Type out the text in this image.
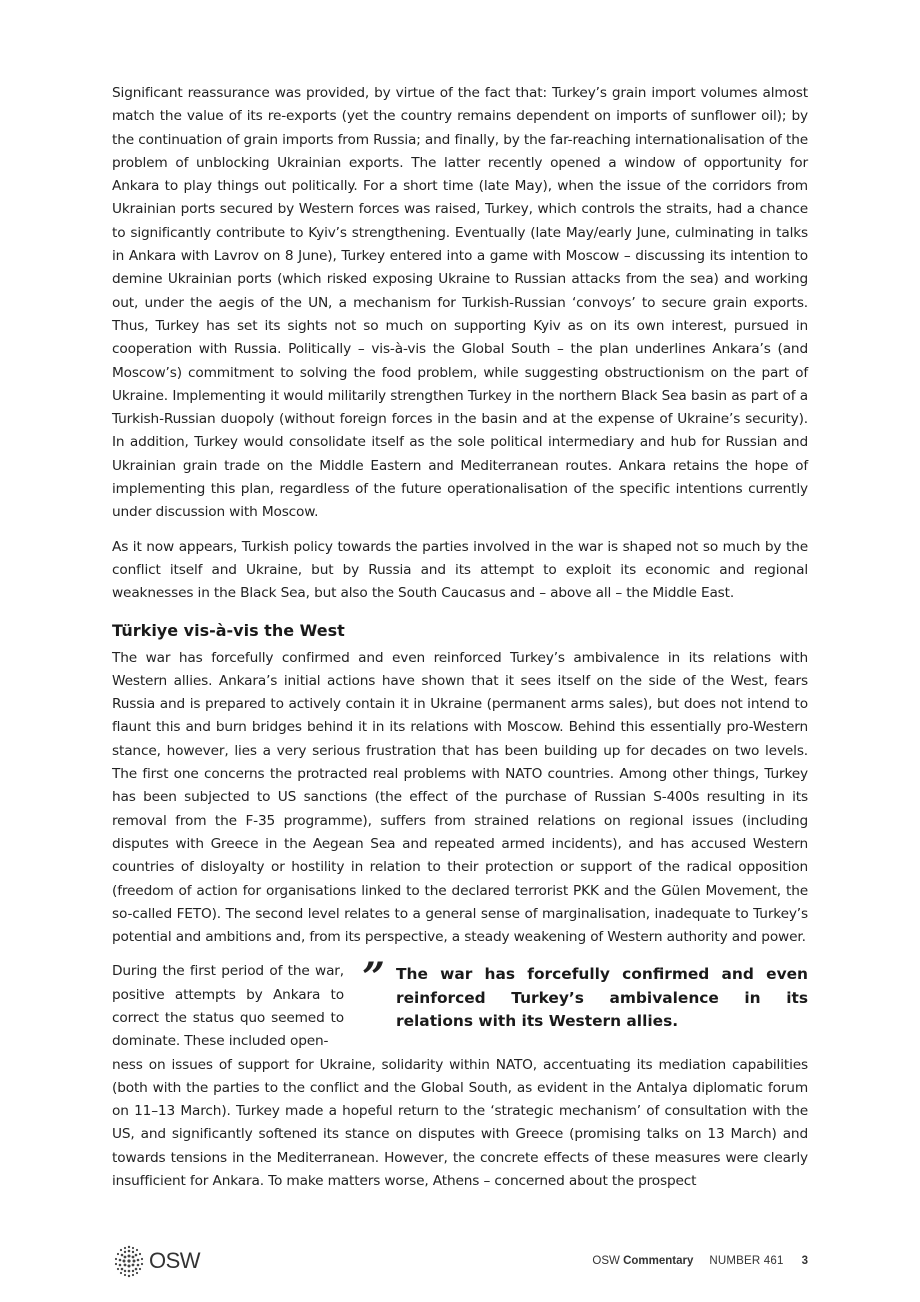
Significant reassurance was provided, by virtue of the fact that: Turkey’s grain import volumes almost match the value of its re-exports (yet the country remains dependent on imports of sunflower oil); by the continuation of grain imports from Russia; and finally, by the far-reaching internationalisation of the problem of unblocking Ukrainian exports. The latter recently opened a window of opportunity for Ankara to play things out politically. For a short time (late May), when the issue of the corridors from Ukrainian ports secured by Western forces was raised, Turkey, which controls the straits, had a chance to significantly contribute to Kyiv’s strengthening. Eventually (late May/early June, culminating in talks in Ankara with Lavrov on 8 June), Turkey entered into a game with Moscow – discussing its intention to demine Ukrainian ports (which risked exposing Ukraine to Russian attacks from the sea) and working out, under the aegis of the UN, a mechanism for Turkish-Russian ‘convoys’ to secure grain exports. Thus, Turkey has set its sights not so much on supporting Kyiv as on its own interest, pursued in cooperation with Russia. Politically – vis-à-vis the Global South – the plan underlines Ankara’s (and Moscow’s) commitment to solving the food problem, while suggesting obstructionism on the part of Ukraine. Implementing it would militarily strengthen Turkey in the northern Black Sea basin as part of a Turkish-Russian duopoly (without foreign forces in the basin and at the expense of Ukraine’s security). In addition, Turkey would consolidate itself as the sole political intermediary and hub for Russian and Ukrainian grain trade on the Middle Eastern and Mediterranean routes. Ankara retains the hope of implementing this plan, regardless of the future operationalisation of the specific intentions currently under discussion with Moscow.

As it now appears, Turkish policy towards the parties involved in the war is shaped not so much by the conflict itself and Ukraine, but by Russia and its attempt to exploit its economic and regional weaknesses in the Black Sea, but also the South Caucasus and – above all – the Middle East.

Türkiye vis-à-vis the West

The war has forcefully confirmed and even reinforced Turkey’s ambivalence in its relations with Western allies. Ankara’s initial actions have shown that it sees itself on the side of the West, fears Russia and is prepared to actively contain it in Ukraine (permanent arms sales), but does not intend to flaunt this and burn bridges behind it in its relations with Moscow. Behind this essentially pro-Western stance, however, lies a very serious frustration that has been building up for decades on two levels. The first one concerns the protracted real problems with NATO countries. Among other things, Turkey has been subjected to US sanctions (the effect of the purchase of Russian S-400s resulting in its removal from the F-35 programme), suffers from strained relations on regional issues (including disputes with Greece in the Aegean Sea and repeated armed incidents), and has accused Western countries of disloyalty or hostility in relation to their protection or support of the radical opposition (freedom of action for organisations linked to the declared terrorist PKK and the Gülen Movement, the so-called FETO). The second level relates to a general sense of marginalisation, inadequate to Turkey’s potential and ambitions and, from its perspective, a steady weakening of Western authority and power.

During the first period of the war, positive attempts by Ankara to correct the status quo seemed to dominate. These included open-

”	The war has forcefully confirmed and even reinforced Turkey’s ambivalence in its relations with its Western allies.

ness on issues of support for Ukraine, solidarity within NATO, accentuating its mediation capabilities (both with the parties to the conflict and the Global South, as evident in the Antalya diplomatic forum on 11–13 March). Turkey made a hopeful return to the ‘strategic mechanism’ of consultation with the US, and significantly softened its stance on disputes with Greece (promising talks on 13 March) and towards tensions in the Mediterranean. However, the concrete effects of these measures were clearly insufficient for Ankara. To make matters worse, Athens – concerned about the prospect

OSW	OSW Commentary NUMBER 461 3
